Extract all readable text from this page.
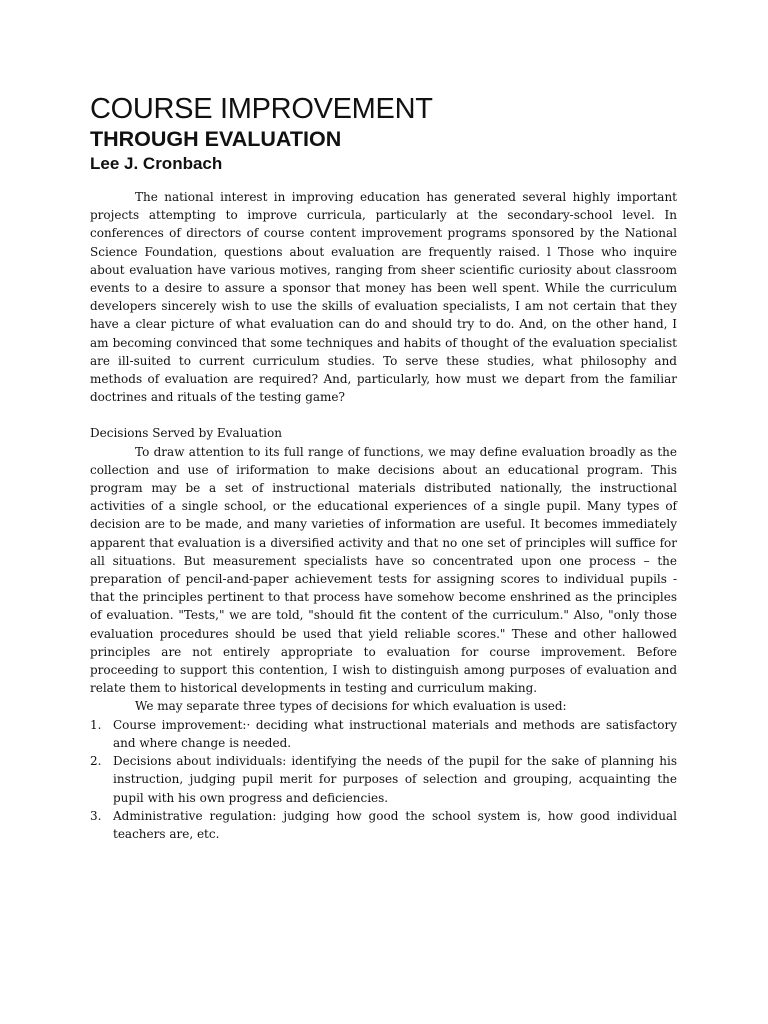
COURSE IMPROVEMENT
THROUGH EVALUATION
Lee J. Cronbach

The national interest in improving education has generated several highly important projects attempting to improve curricula, particularly at the secondary-school level. In conferences of directors of course content improvement programs sponsored by the National Science Foundation, questions about evaluation are frequently raised. l Those who inquire about evaluation have various motives, ranging from sheer scientific curiosity about classroom events to a desire to assure a sponsor that money has been well spent. While the curriculum developers sincerely wish to use the skills of evaluation specialists, I am not certain that they have a clear picture of what evaluation can do and should try to do. And, on the other hand, I am becoming convinced that some techniques and habits of thought of the evaluation specialist are ill-suited to current curriculum studies. To serve these studies, what philosophy and methods of evaluation are required? And, particularly, how must we depart from the familiar doctrines and rituals of the testing game?

Decisions Served by Evaluation

To draw attention to its full range of functions, we may define evaluation broadly as the collection and use of iriformation to make decisions about an educational program. This program may be a set of instructional materials distributed nationally, the instructional activities of a single school, or the educational experiences of a single pupil. Many types of decision are to be made, and many varieties of information are useful. It becomes immediately apparent that evaluation is a diversified activity and that no one set of principles will suffice for all situations. But measurement specialists have so concentrated upon one process – the preparation of pencil-and-paper achievement tests for assigning scores to individual pupils - that the principles pertinent to that process have somehow become enshrined as the principles of evaluation. "Tests," we are told, "should fit the content of the curriculum." Also, "only those evaluation procedures should be used that yield reliable scores." These and other hallowed principles are not entirely appropriate to evaluation for course improvement. Before proceeding to support this contention, I wish to distinguish among purposes of evaluation and relate them to historical developments in testing and curriculum making.

We may separate three types of decisions for which evaluation is used:

1. Course improvement:· deciding what instructional materials and methods are satisfactory and where change is needed.
2. Decisions about individuals: identifying the needs of the pupil for the sake of planning his instruction, judging pupil merit for purposes of selection and grouping, acquainting the pupil with his own progress and deficiencies.
3. Administrative regulation: judging how good the school system is, how good individual teachers are, etc.
